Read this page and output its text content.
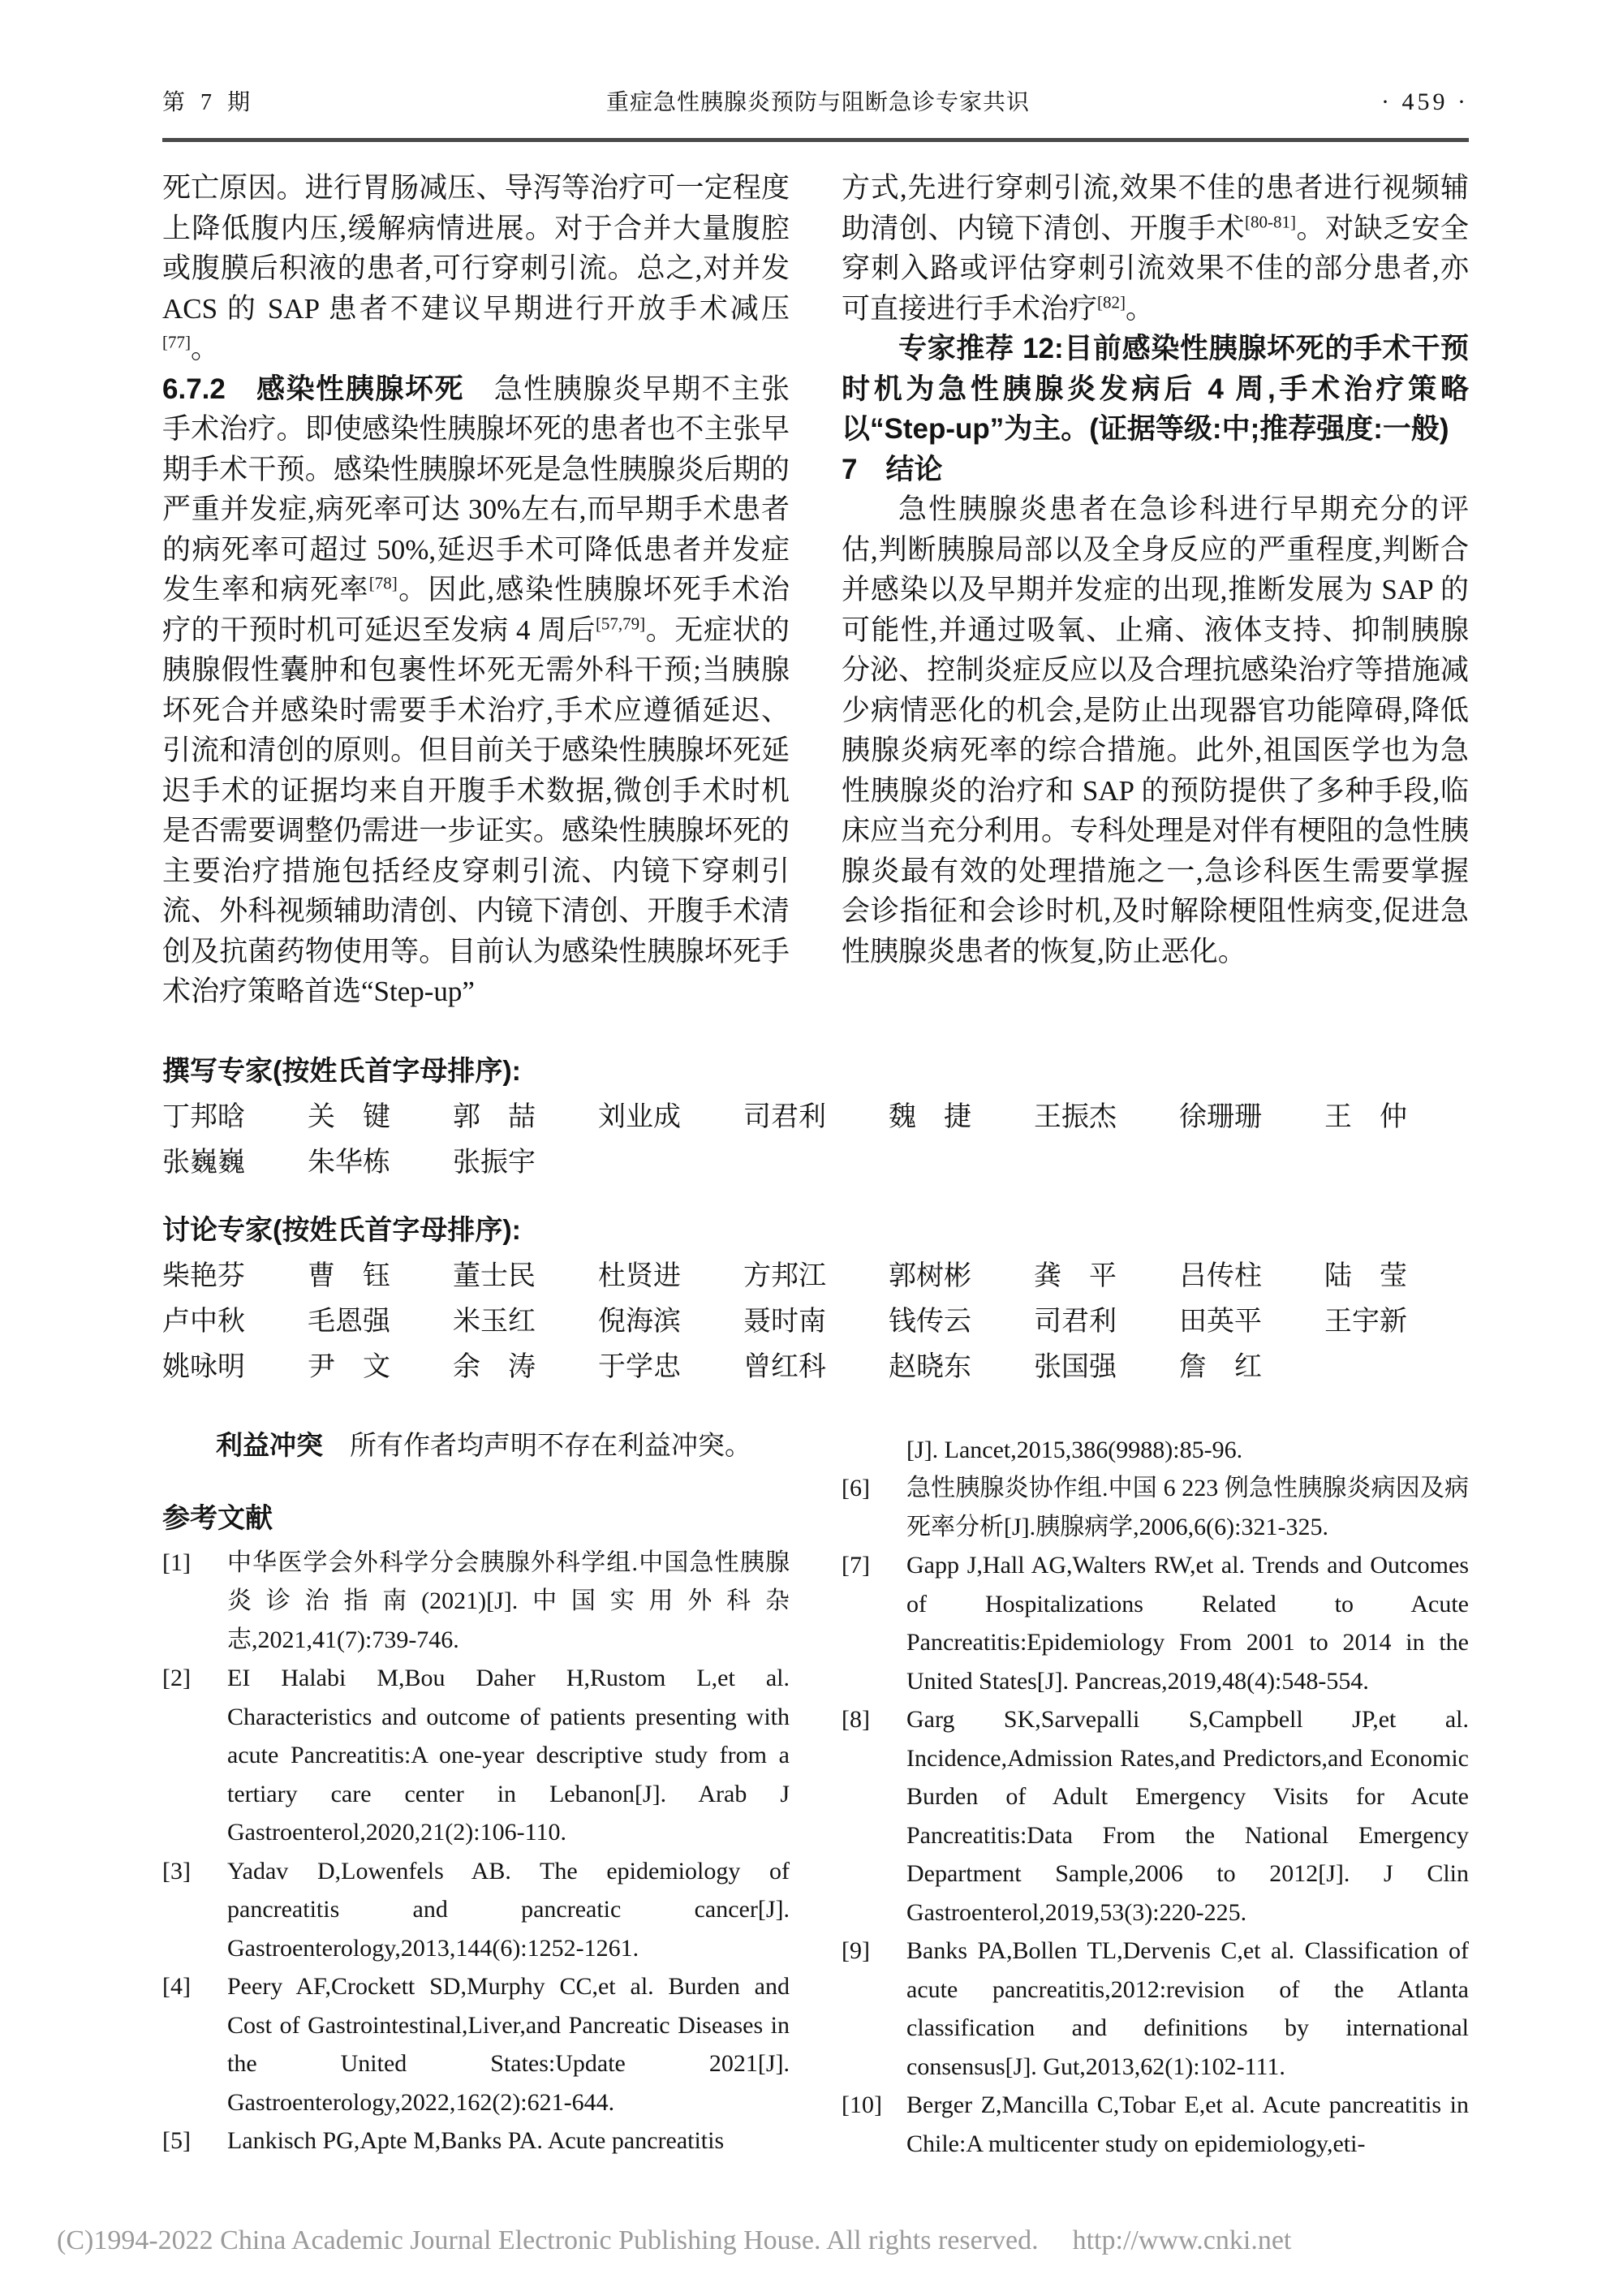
第 7 期	重症急性胰腺炎预防与阻断急诊专家共识	· 459 ·

死亡原因。进行胃肠减压、导泻等治疗可一定程度上降低腹内压,缓解病情进展。对于合并大量腹腔或腹膜后积液的患者,可行穿刺引流。总之,对并发 ACS 的 SAP 患者不建议早期进行开放手术减压[77]。

6.7.2　感染性胰腺坏死　急性胰腺炎早期不主张手术治疗。即使感染性胰腺坏死的患者也不主张早期手术干预。感染性胰腺坏死是急性胰腺炎后期的严重并发症,病死率可达 30%左右,而早期手术患者的病死率可超过 50%,延迟手术可降低患者并发症发生率和病死率[78]。因此,感染性胰腺坏死手术治疗的干预时机可延迟至发病 4 周后[57,79]。无症状的胰腺假性囊肿和包裹性坏死无需外科干预;当胰腺坏死合并感染时需要手术治疗,手术应遵循延迟、引流和清创的原则。但目前关于感染性胰腺坏死延迟手术的证据均来自开腹手术数据,微创手术时机是否需要调整仍需进一步证实。感染性胰腺坏死的主要治疗措施包括经皮穿刺引流、内镜下穿刺引流、外科视频辅助清创、内镜下清创、开腹手术清创及抗菌药物使用等。目前认为感染性胰腺坏死手术治疗策略首选“Step-up”

方式,先进行穿刺引流,效果不佳的患者进行视频辅助清创、内镜下清创、开腹手术[80-81]。对缺乏安全穿刺入路或评估穿刺引流效果不佳的部分患者,亦可直接进行手术治疗[82]。

专家推荐 12:目前感染性胰腺坏死的手术干预时机为急性胰腺炎发病后 4 周,手术治疗策略以“Step-up”为主。(证据等级:中;推荐强度:一般)

7　结论

急性胰腺炎患者在急诊科进行早期充分的评估,判断胰腺局部以及全身反应的严重程度,判断合并感染以及早期并发症的出现,推断发展为 SAP 的可能性,并通过吸氧、止痛、液体支持、抑制胰腺分泌、控制炎症反应以及合理抗感染治疗等措施减少病情恶化的机会,是防止出现器官功能障碍,降低胰腺炎病死率的综合措施。此外,祖国医学也为急性胰腺炎的治疗和 SAP 的预防提供了多种手段,临床应当充分利用。专科处理是对伴有梗阻的急性胰腺炎最有效的处理措施之一,急诊科医生需要掌握会诊指征和会诊时机,及时解除梗阻性病变,促进急性胰腺炎患者的恢复,防止恶化。

撰写专家(按姓氏首字母排序):
丁邦晗	关　键	郭　喆	刘业成	司君利	魏　捷	王振杰	徐珊珊	王　仲
张巍巍	朱华栋	张振宇
讨论专家(按姓氏首字母排序):
柴艳芬	曹　钰	董士民	杜贤进	方邦江	郭树彬	龚　平	吕传柱	陆　莹
卢中秋	毛恩强	米玉红	倪海滨	聂时南	钱传云	司君利	田英平	王宇新
姚咏明	尹　文	余　涛	于学忠	曾红科	赵晓东	张国强	詹　红
利益冲突　所有作者均声明不存在利益冲突。
参考文献
[1] 中华医学会外科学分会胰腺外科学组.中国急性胰腺炎诊治指南(2021)[J].中国实用外科杂志,2021,41(7):739-746.
[2] EI Halabi M,Bou Daher H,Rustom L,et al. Characteristics and outcome of patients presenting with acute Pancreatitis:A one-year descriptive study from a tertiary care center in Lebanon[J]. Arab J Gastroenterol,2020,21(2):106-110.
[3] Yadav D,Lowenfels AB. The epidemiology of pancreatitis and pancreatic cancer[J]. Gastroenterology,2013,144(6):1252-1261.
[4] Peery AF,Crockett SD,Murphy CC,et al. Burden and Cost of Gastrointestinal,Liver,and Pancreatic Diseases in the United States:Update 2021[J]. Gastroenterology,2022,162(2):621-644.
[5] Lankisch PG,Apte M,Banks PA. Acute pancreatitis
[J]. Lancet,2015,386(9988):85-96.
[6] 急性胰腺炎协作组.中国 6 223 例急性胰腺炎病因及病死率分析[J].胰腺病学,2006,6(6):321-325.
[7] Gapp J,Hall AG,Walters RW,et al. Trends and Outcomes of Hospitalizations Related to Acute Pancreatitis:Epidemiology From 2001 to 2014 in the United States[J]. Pancreas,2019,48(4):548-554.
[8] Garg SK,Sarvepalli S,Campbell JP,et al. Incidence,Admission Rates,and Predictors,and Economic Burden of Adult Emergency Visits for Acute Pancreatitis:Data From the National Emergency Department Sample,2006 to 2012[J]. J Clin Gastroenterol,2019,53(3):220-225.
[9] Banks PA,Bollen TL,Dervenis C,et al. Classification of acute pancreatitis,2012:revision of the Atlanta classification and definitions by international consensus[J]. Gut,2013,62(1):102-111.
[10] Berger Z,Mancilla C,Tobar E,et al. Acute pancreatitis in Chile:A multicenter study on epidemiology,eti-
(C)1994-2022 China Academic Journal Electronic Publishing House. All rights reserved. http://www.cnki.net
